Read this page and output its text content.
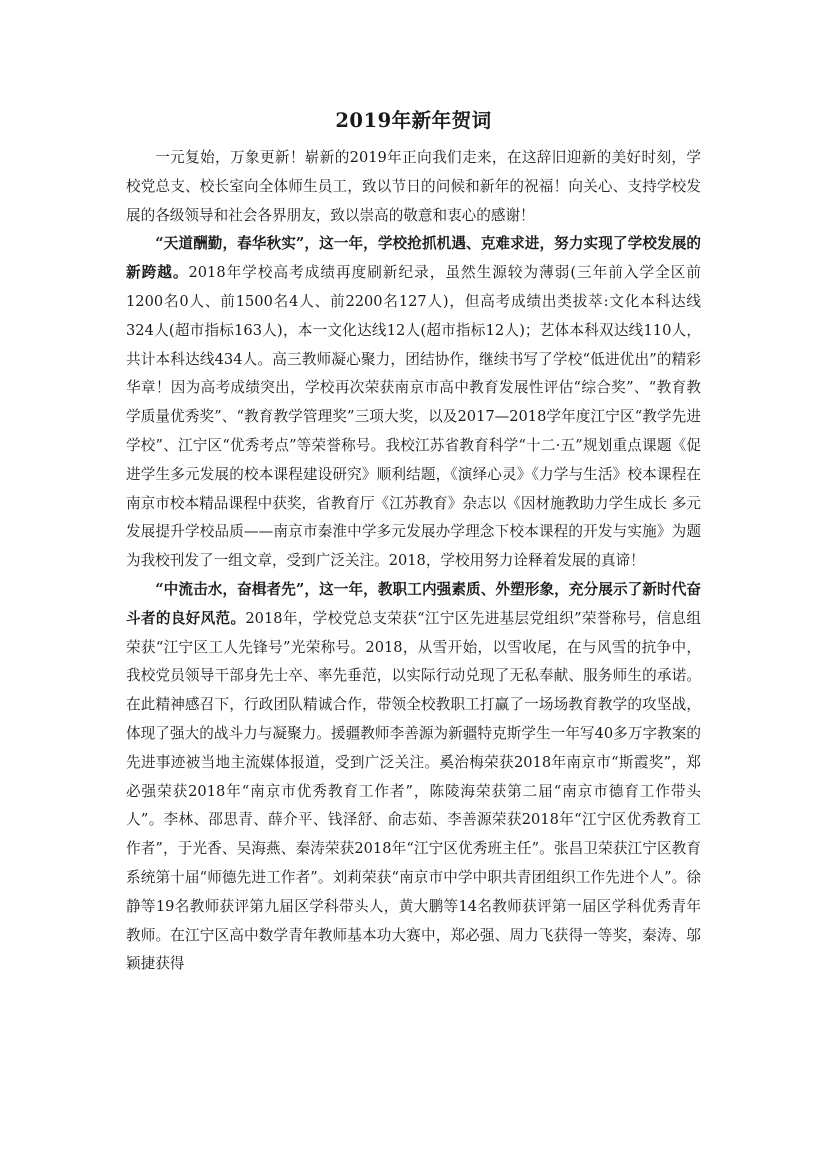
2019年新年贺词

一元复始，万象更新！崭新的2019年正向我们走来，在这辞旧迎新的美好时刻，学校党总支、校长室向全体师生员工，致以节日的问候和新年的祝福！向关心、支持学校发展的各级领导和社会各界朋友，致以崇高的敬意和衷心的感谢！

“天道酬勤，春华秋实”，这一年，学校抢抓机遇、克难求进，努力实现了学校发展的新跨越。2018年学校高考成绩再度刷新纪录，虽然生源较为薄弱(三年前入学全区前1200名0人、前1500名4人、前2200名127人)，但高考成绩出类拔萃:文化本科达线324人(超市指标163人)，本一文化达线12人(超市指标12人)；艺体本科双达线110人，共计本科达线434人。高三教师凝心聚力，团结协作，继续书写了学校“低进优出”的精彩华章！因为高考成绩突出，学校再次荣获南京市高中教育发展性评估“综合奖”、“教育教学质量优秀奖”、“教育教学管理奖”三项大奖，以及2017—2018学年度江宁区“教学先进学校”、江宁区“优秀考点”等荣誉称号。我校江苏省教育科学“十二·五”规划重点课题《促进学生多元发展的校本课程建设研究》顺利结题，《演绎心灵》《力学与生活》校本课程在南京市校本精品课程中获奖，省教育厅《江苏教育》杂志以《因材施教助力学生成长 多元发展提升学校品质——南京市秦淮中学多元发展办学理念下校本课程的开发与实施》为题为我校刊发了一组文章，受到广泛关注。2018，学校用努力诠释着发展的真谛！

“中流击水，奋楫者先”，这一年，教职工内强素质、外塑形象，充分展示了新时代奋斗者的良好风范。2018年，学校党总支荣获“江宁区先进基层党组织”荣誉称号，信息组荣获“江宁区工人先锋号”光荣称号。2018，从雪开始，以雪收尾，在与风雪的抗争中，我校党员领导干部身先士卒、率先垂范，以实际行动兑现了无私奉献、服务师生的承诺。在此精神感召下，行政团队精诚合作，带领全校教职工打赢了一场场教育教学的攻坚战，体现了强大的战斗力与凝聚力。援疆教师李善源为新疆特克斯学生一年写40多万字教案的先进事迹被当地主流媒体报道，受到广泛关注。奚治梅荣获2018年南京市“斯霞奖”，郑必强荣获2018年“南京市优秀教育工作者”，陈陵海荣获第二届“南京市德育工作带头人”。李林、邵思青、薛介平、钱泽舒、俞志茹、李善源荣获2018年“江宁区优秀教育工作者”，于光香、吴海燕、秦涛荣获2018年“江宁区优秀班主任”。张昌卫荣获江宁区教育系统第十届“师德先进工作者”。刘莉荣获“南京市中学中职共青团组织工作先进个人”。徐静等19名教师获评第九届区学科带头人，黄大鹏等14名教师获评第一届区学科优秀青年教师。在江宁区高中数学青年教师基本功大赛中，郑必强、周力飞获得一等奖，秦涛、邬颖捷获得
